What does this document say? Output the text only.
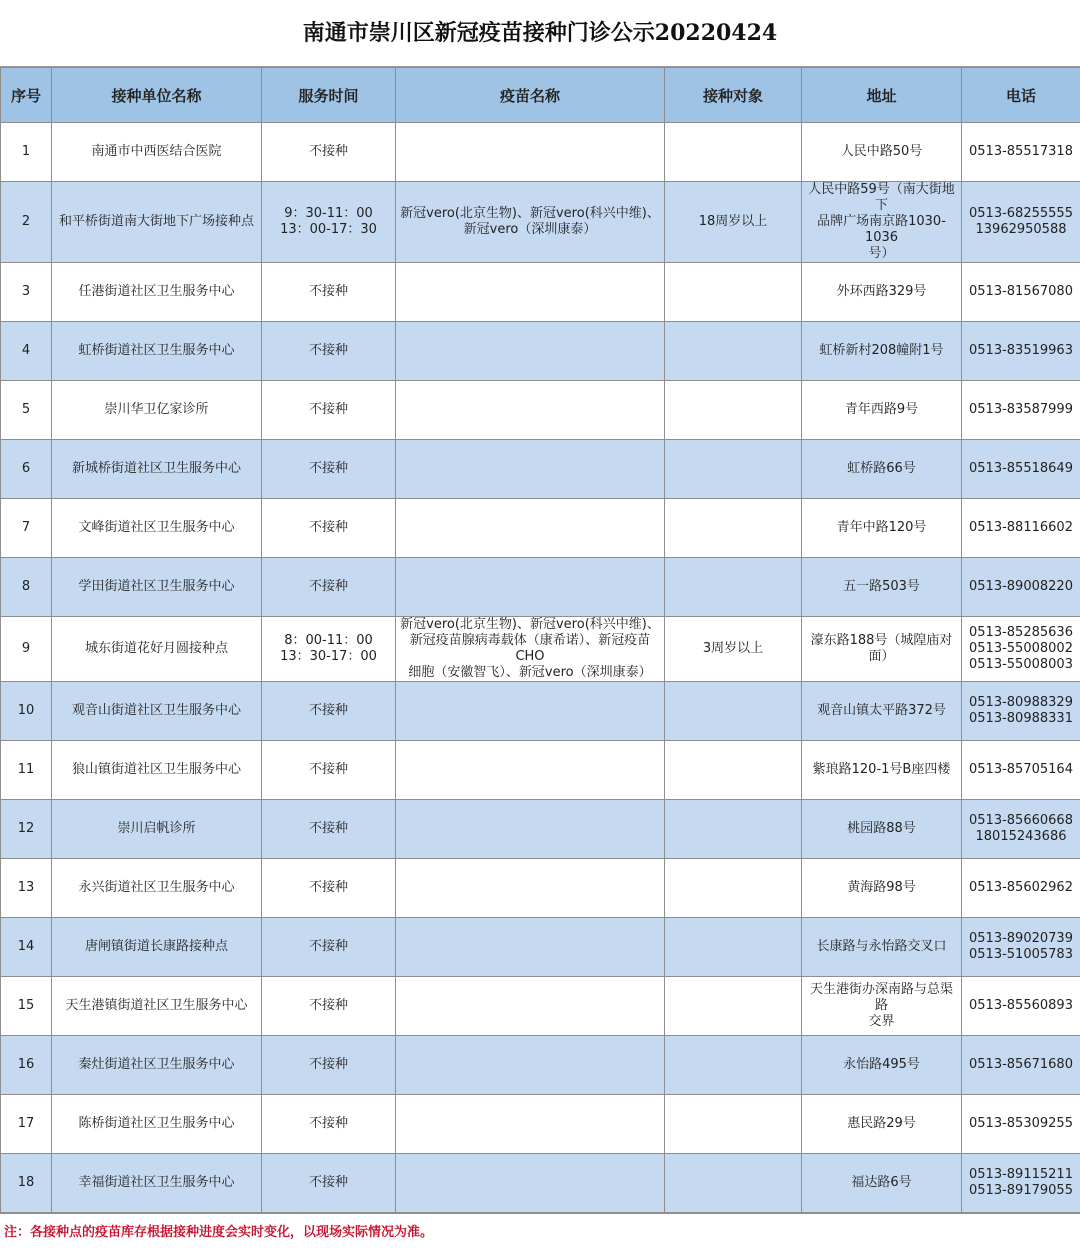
南通市崇川区新冠疫苗接种门诊公示20220424
序号	接种单位名称	服务时间	疫苗名称	接种对象	地址	电话
1	南通市中西医结合医院	不接种			人民中路50号	0513-85517318

2	和平桥街道南大街地下广场接种点	9：30-11：00
13：00-17：30	新冠vero(北京生物)、新冠vero(科兴中维)、
新冠vero（深圳康泰）	18周岁以上	人民中路59号（南大街地下
品牌广场南京路1030-1036
号）	0513-68255555
13962950588

3	任港街道社区卫生服务中心	不接种			外环西路329号	0513-81567080

4	虹桥街道社区卫生服务中心	不接种			虹桥新村208幢附1号	0513-83519963

5	崇川华卫亿家诊所	不接种			青年西路9号	0513-83587999

6	新城桥街道社区卫生服务中心	不接种			虹桥路66号	0513-85518649

7	文峰街道社区卫生服务中心	不接种			青年中路120号	0513-88116602

8	学田街道社区卫生服务中心	不接种			五一路503号	0513-89008220

9	城东街道花好月圆接种点	8：00-11：00
13：30-17：00	新冠vero(北京生物)、新冠vero(科兴中维)、
新冠疫苗腺病毒载体（康希诺）、新冠疫苗CHO
细胞（安徽智飞）、新冠vero（深圳康泰）	3周岁以上	濠东路188号（城隍庙对
面）	0513-85285636
0513-55008002
0513-55008003

10	观音山街道社区卫生服务中心	不接种			观音山镇太平路372号	0513-80988329
0513-80988331

11	狼山镇街道社区卫生服务中心	不接种			紫琅路120-1号B座四楼	0513-85705164

12	崇川启帆诊所	不接种			桃园路88号	0513-85660668
18015243686

13	永兴街道社区卫生服务中心	不接种			黄海路98号	0513-85602962

14	唐闸镇街道长康路接种点	不接种			长康路与永怡路交叉口	0513-89020739
0513-51005783

15	天生港镇街道社区卫生服务中心	不接种			天生港街办深南路与总渠路
交界	0513-85560893

16	秦灶街道社区卫生服务中心	不接种			永怡路495号	0513-85671680

17	陈桥街道社区卫生服务中心	不接种			惠民路29号	0513-85309255

18	幸福街道社区卫生服务中心	不接种			福达路6号	0513-89115211
0513-89179055
注：各接种点的疫苗库存根据接种进度会实时变化，以现场实际情况为准。
